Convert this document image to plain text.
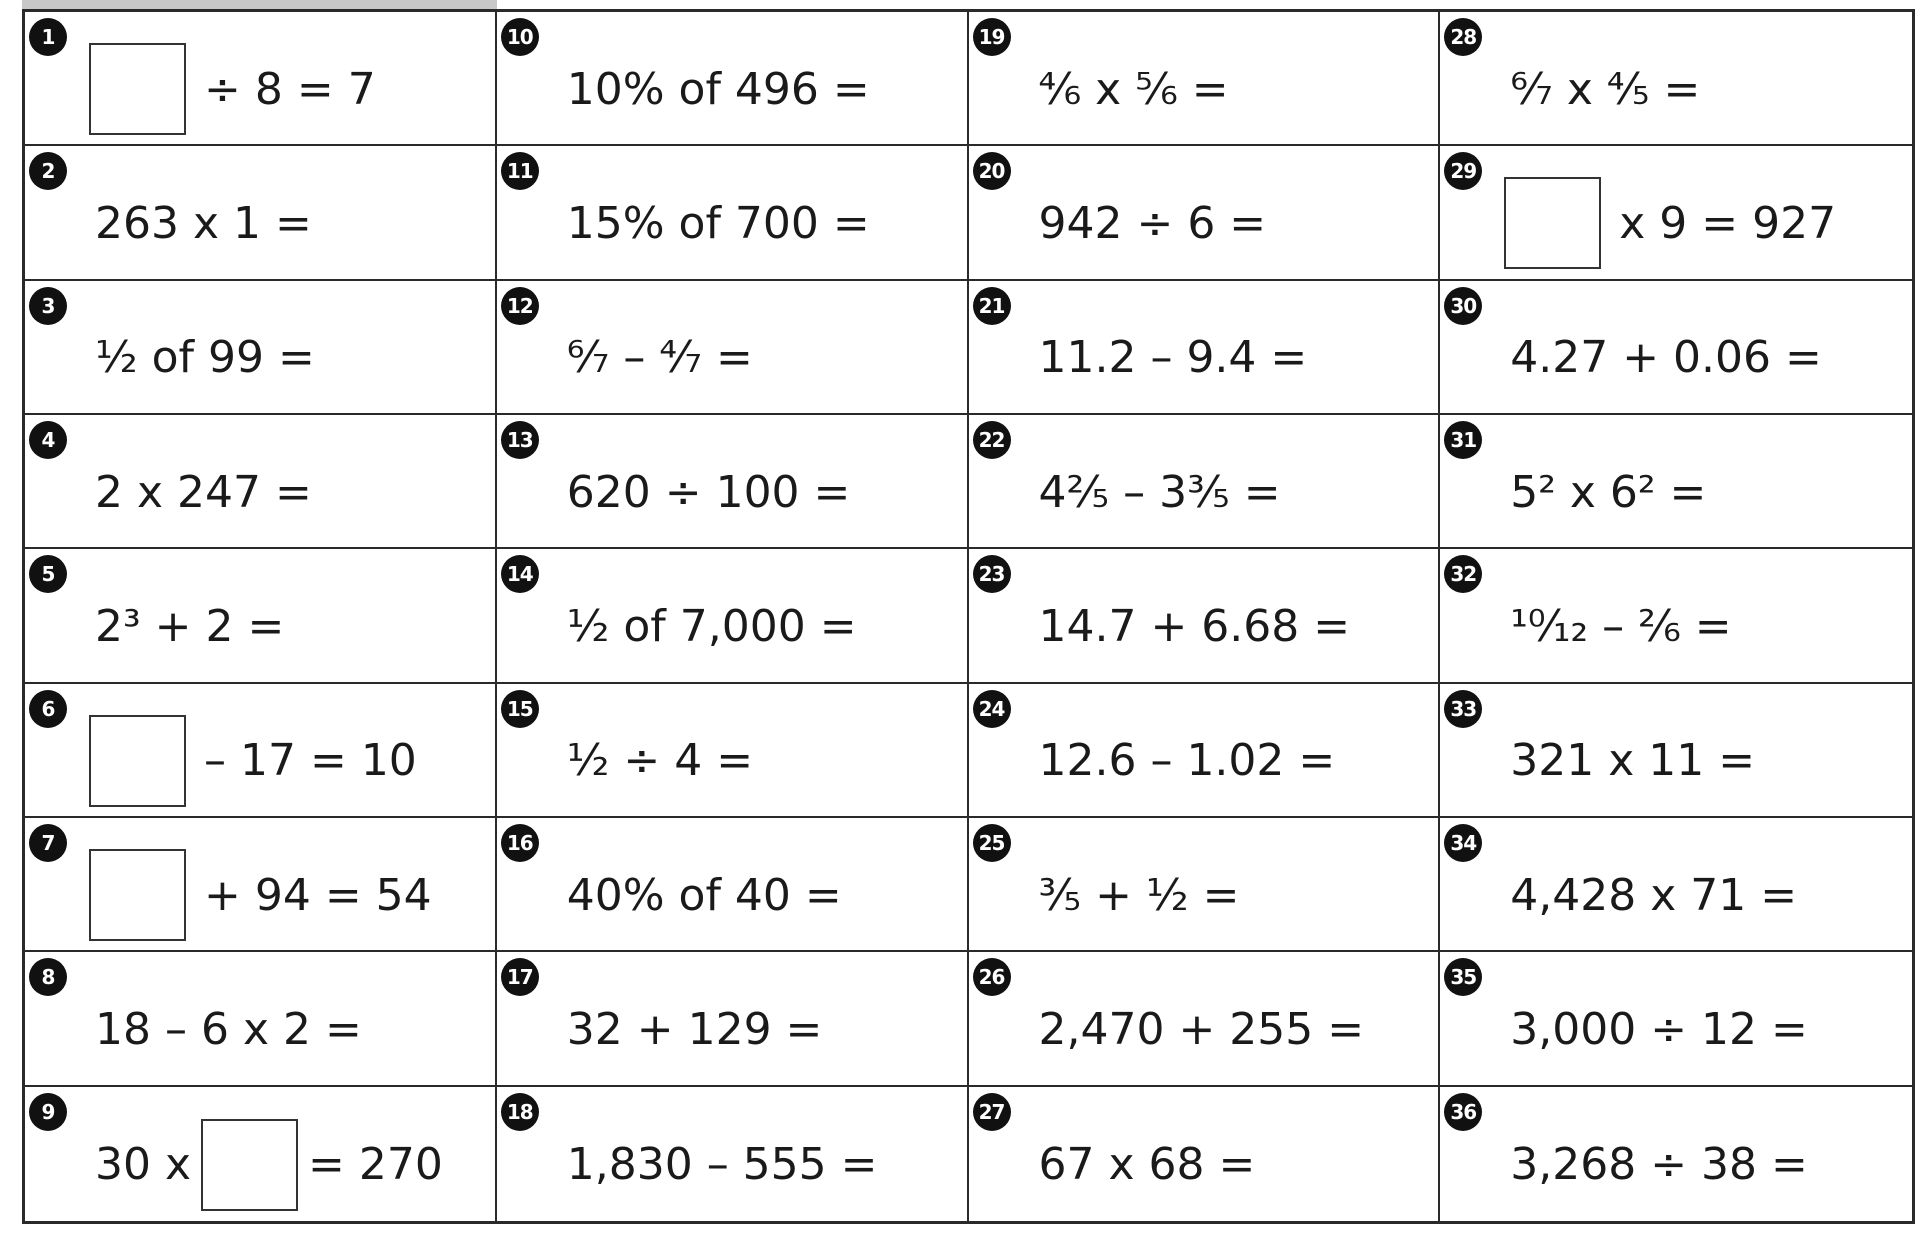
1
÷ 8 = 7
2
263 x 1 =
3
½ of 99 =
4
2 x 247 =
5
2³ + 2 =
6
– 17 = 10
7
+ 94 = 54
8
18 – 6 x 2 =
9
30 x	= 270
10
10% of 496 =
11
15% of 700 =
12
⁶⁄₇ – ⁴⁄₇ =
13
620 ÷ 100 =
14
½ of 7,000 =
15
½ ÷ 4 =
16
40% of 40 =
17
32 + 129 =
18
1,830 – 555 =
19
⁴⁄₆ x ⁵⁄₆ =
20
942 ÷ 6 =
21
11.2 – 9.4 =
22
4²⁄₅ – 3³⁄₅ =
23
14.7 + 6.68 =
24
12.6 – 1.02 =
25
³⁄₅ + ½ =
26
2,470 + 255 =
27
67 x 68 =
28
⁶⁄₇ x ⁴⁄₅ =
29
x 9 = 927
30
4.27 + 0.06 =
31
5² x 6² =
32
¹⁰⁄₁₂ – ²⁄₆ =
33
321 x 11 =
34
4,428 x 71 =
35
3,000 ÷ 12 =
36
3,268 ÷ 38 =
